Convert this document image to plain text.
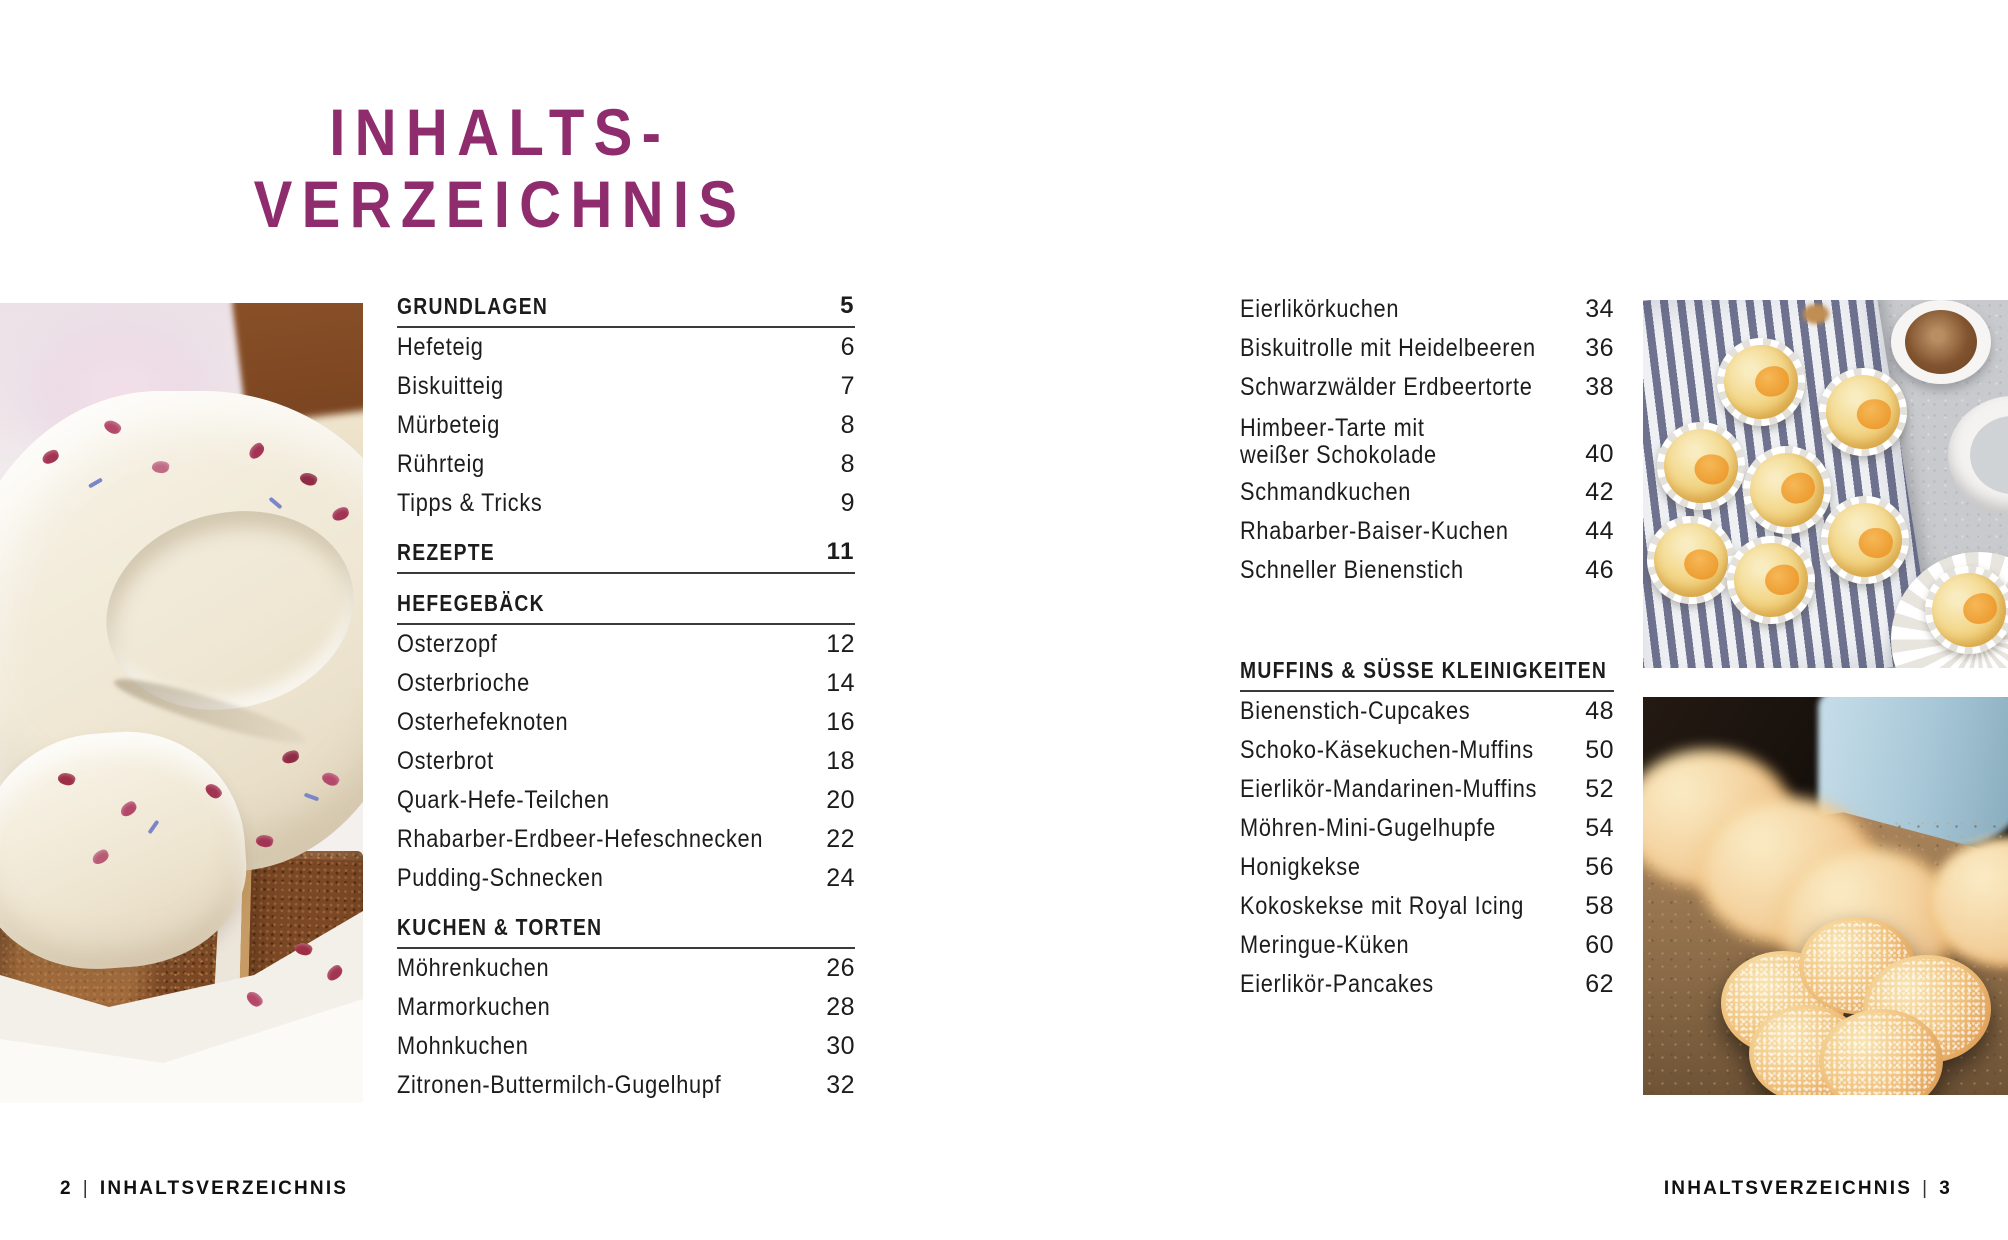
INHALTS-
VERZEICHNIS
GRUNDLAGEN	5
Hefeteig	6
Biskuitteig	7
Mürbeteig	8
Rührteig	8
Tipps & Tricks	9
REZEPTE	11
HEFEGEBÄCK
Osterzopf	12
Osterbrioche	14
Osterhefeknoten	16
Osterbrot	18
Quark-Hefe-Teilchen	20
Rhabarber-Erdbeer-Hefeschnecken	22
Pudding-Schnecken	24
KUCHEN & TORTEN
Möhrenkuchen	26
Marmorkuchen	28
Mohnkuchen	30
Zitronen-Buttermilch-Gugelhupf	32
Eierlikörkuchen	34
Biskuitrolle mit Heidelbeeren 36
Schwarzwälder Erdbeertorte 38
Himbeer-Tarte mit
weißer Schokolade	40
Schmandkuchen	42
Rhabarber-Baiser-Kuchen	44
Schneller Bienenstich	46
MUFFINS & SÜSSE KLEINIGKEITEN
Bienenstich-Cupcakes	48
Schoko-Käsekuchen-Muffins 50
Eierlikör-Mandarinen-Muffins 52
Möhren-Mini-Gugelhupfe	54
Honigkekse	56
Kokoskekse mit Royal Icing 58
Meringue-Küken	60
Eierlikör-Pancakes	62
2 | INHALTSVERZEICHNIS	INHALTSVERZEICHNIS | 3
